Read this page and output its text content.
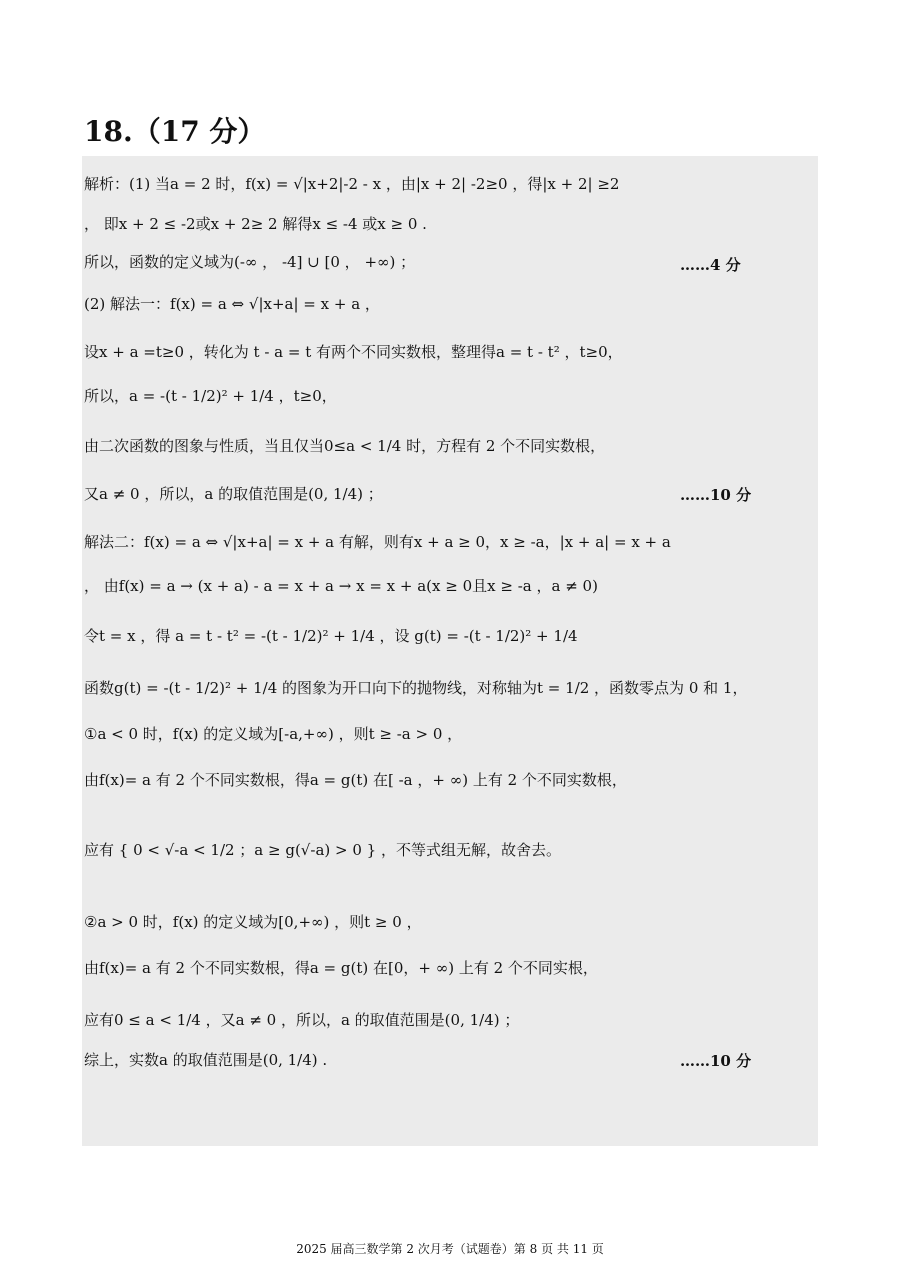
18.（17 分）
解析：(1) 当a = 2 时，f(x) = √|x+2|-2 - x ，由|x + 2| -2≥0 ，得|x + 2| ≥2
， 即x + 2 ≤ -2或x + 2≥ 2 解得x ≤ -4 或x ≥ 0 .
所以，函数的定义域为(-∞ ， -4] ∪ [0 ， +∞) ；	……4 分
(2) 解法一：f(x) = a ⇔ √|x+a| = x + a ，
设x + a =t≥0 ，转化为 t - a = t 有两个不同实数根，整理得a = t - t² ，t≥0，
所以，a = -(t - 1/2)² + 1/4 ，t≥0，
由二次函数的图象与性质，当且仅当0≤a < 1/4 时，方程有 2 个不同实数根，
又a ≠ 0 ，所以，a 的取值范围是(0, 1/4) ；	……10 分
解法二：f(x) = a ⇔ √|x+a| = x + a 有解，则有x + a ≥ 0，x ≥ -a，|x + a| = x + a
， 由f(x) = a → (x + a) - a = x + a → x = x + a(x ≥ 0且x ≥ -a ，a ≠ 0)
令t = x ，得 a = t - t² = -(t - 1/2)² + 1/4 ，设 g(t) = -(t - 1/2)² + 1/4
函数g(t) = -(t - 1/2)² + 1/4 的图象为开口向下的抛物线，对称轴为t = 1/2 ，函数零点为 0 和 1，
①a < 0 时，f(x) 的定义域为[-a,+∞) ，则t ≥ -a > 0 ，
由f(x)= a 有 2 个不同实数根，得a = g(t) 在[ -a ，+ ∞) 上有 2 个不同实数根，
应有 { 0 < √-a < 1/2 ；a ≥ g(√-a) > 0 } ，不等式组无解，故舍去。
②a > 0 时，f(x) 的定义域为[0,+∞) ，则t ≥ 0 ，
由f(x)= a 有 2 个不同实数根，得a = g(t) 在[0，+ ∞) 上有 2 个不同实根，
应有0 ≤ a < 1/4 ，又a ≠ 0 ，所以，a 的取值范围是(0, 1/4) ；
综上，实数a 的取值范围是(0, 1/4) .	……10 分
2025 届高三数学第 2 次月考（试题卷）第 8 页 共 11 页
